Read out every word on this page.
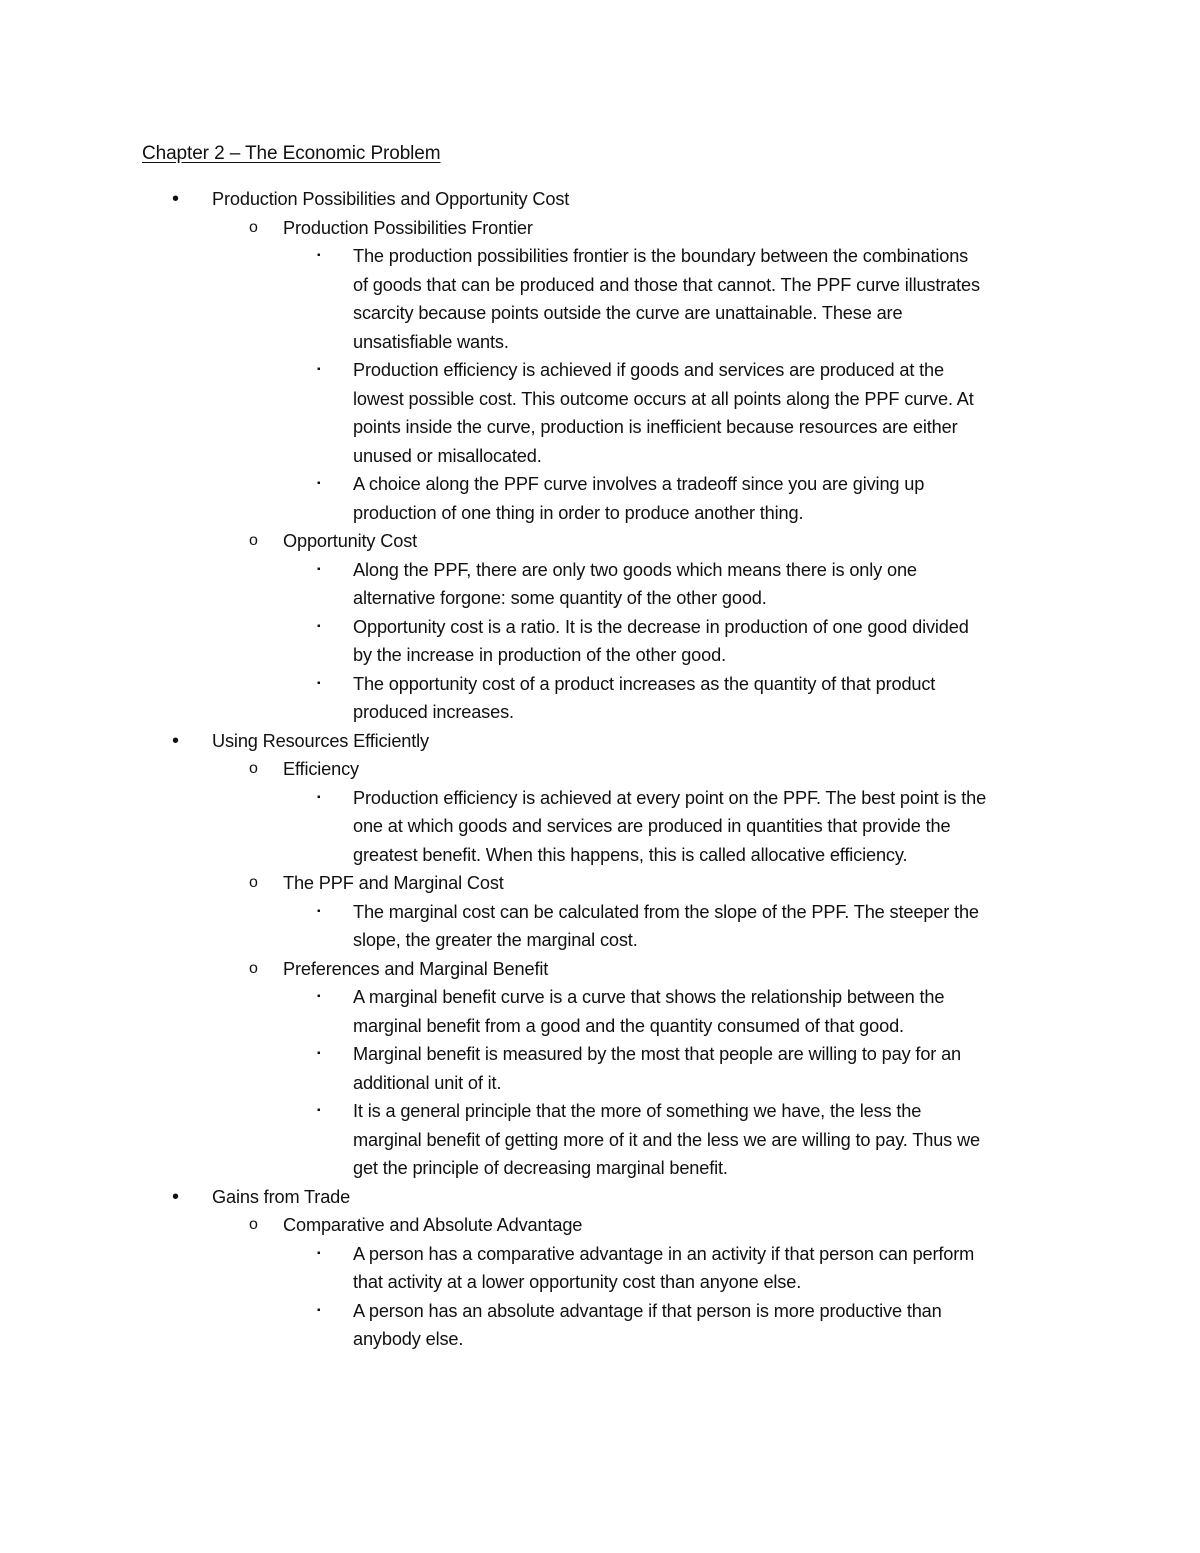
Chapter 2 – The Economic Problem
• Production Possibilities and Opportunity Cost
o Production Possibilities Frontier
▪ The production possibilities frontier is the boundary between the combinations
of goods that can be produced and those that cannot. The PPF curve illustrates
scarcity because points outside the curve are unattainable. These are
unsatisfiable wants.
▪ Production efficiency is achieved if goods and services are produced at the
lowest possible cost. This outcome occurs at all points along the PPF curve. At
points inside the curve, production is inefficient because resources are either
unused or misallocated.
▪ A choice along the PPF curve involves a tradeoff since you are giving up
production of one thing in order to produce another thing.
o Opportunity Cost
▪ Along the PPF, there are only two goods which means there is only one
alternative forgone: some quantity of the other good.
▪ Opportunity cost is a ratio. It is the decrease in production of one good divided
by the increase in production of the other good.
▪ The opportunity cost of a product increases as the quantity of that product
produced increases.
• Using Resources Efficiently
o Efficiency
▪ Production efficiency is achieved at every point on the PPF. The best point is the
one at which goods and services are produced in quantities that provide the
greatest benefit. When this happens, this is called allocative efficiency.
o The PPF and Marginal Cost
▪ The marginal cost can be calculated from the slope of the PPF. The steeper the
slope, the greater the marginal cost.
o Preferences and Marginal Benefit
▪ A marginal benefit curve is a curve that shows the relationship between the
marginal benefit from a good and the quantity consumed of that good.
▪ Marginal benefit is measured by the most that people are willing to pay for an
additional unit of it.
▪ It is a general principle that the more of something we have, the less the
marginal benefit of getting more of it and the less we are willing to pay. Thus we
get the principle of decreasing marginal benefit.
• Gains from Trade
o Comparative and Absolute Advantage
▪ A person has a comparative advantage in an activity if that person can perform
that activity at a lower opportunity cost than anyone else.
▪ A person has an absolute advantage if that person is more productive than
anybody else.
